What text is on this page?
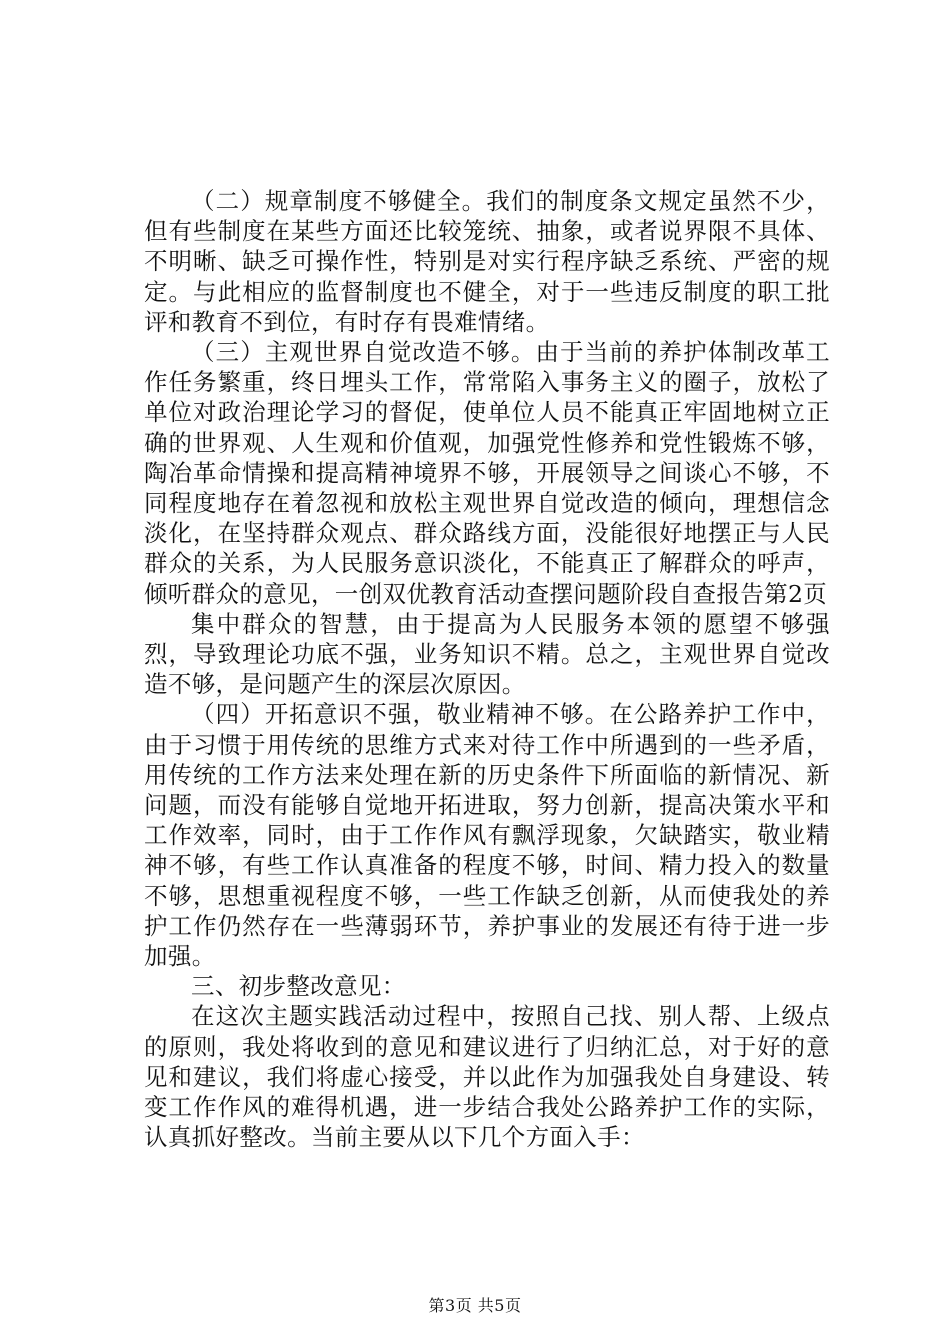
（二）规章制度不够健全。我们的制度条文规定虽然不少，但有些制度在某些方面还比较笼统、抽象，或者说界限不具体、不明晰、缺乏可操作性，特别是对实行程序缺乏系统、严密的规定。与此相应的监督制度也不健全，对于一些违反制度的职工批评和教育不到位，有时存有畏难情绪。

（三）主观世界自觉改造不够。由于当前的养护体制改革工作任务繁重，终日埋头工作，常常陷入事务主义的圈子，放松了单位对政治理论学习的督促，使单位人员不能真正牢固地树立正确的世界观、人生观和价值观，加强党性修养和党性锻炼不够，陶冶革命情操和提高精神境界不够，开展领导之间谈心不够，不同程度地存在着忽视和放松主观世界自觉改造的倾向，理想信念淡化，在坚持群众观点、群众路线方面，没能很好地摆正与人民群众的关系，为人民服务意识淡化，不能真正了解群众的呼声，倾听群众的意见，一创双优教育活动查摆问题阶段自查报告第2页

集中群众的智慧，由于提高为人民服务本领的愿望不够强烈，导致理论功底不强，业务知识不精。总之，主观世界自觉改造不够，是问题产生的深层次原因。

（四）开拓意识不强，敬业精神不够。在公路养护工作中，由于习惯于用传统的思维方式来对待工作中所遇到的一些矛盾，用传统的工作方法来处理在新的历史条件下所面临的新情况、新问题，而没有能够自觉地开拓进取，努力创新，提高决策水平和工作效率，同时，由于工作作风有飘浮现象，欠缺踏实，敬业精神不够，有些工作认真准备的程度不够，时间、精力投入的数量不够，思想重视程度不够，一些工作缺乏创新，从而使我处的养护工作仍然存在一些薄弱环节，养护事业的发展还有待于进一步加强。

三、初步整改意见：

在这次主题实践活动过程中，按照自己找、别人帮、上级点的原则，我处将收到的意见和建议进行了归纳汇总，对于好的意见和建议，我们将虚心接受，并以此作为加强我处自身建设、转变工作作风的难得机遇，进一步结合我处公路养护工作的实际，认真抓好整改。当前主要从以下几个方面入手：

第3页 共5页
